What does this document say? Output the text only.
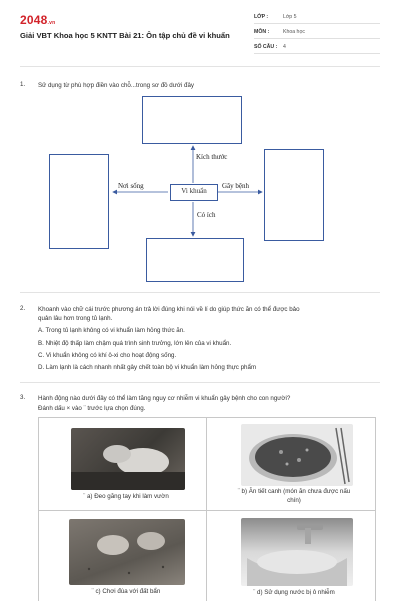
2048.vn
Giải VBT Khoa học 5 KNTT Bài 21: Ôn tập chủ đề vi khuẩn
LỚP :	Lớp 5
MÔN :	Khoa học
SỐ CÂU : 4
1. Sử dụng từ phù hợp điền vào chỗ...trong sơ đồ dưới đây
Vi khuẩn
Kích thước
Nơi sống	Gây bệnh
Có ích
2. Khoanh vào chữ cái trước phương án trả lời đúng khi nói về lí do giúp thức ăn có thể được bảo
quản lâu hơn trong tủ lạnh.
A. Trong tủ lạnh không có vi khuẩn làm hỏng thức ăn.
B. Nhiệt độ thấp làm chậm quá trình sinh trưởng, lớn lên của vi khuẩn.
C. Vi khuẩn không có khí ô-xi cho hoạt động sống.
D. Làm lạnh là cách nhanh nhất gây chết toàn bộ vi khuẩn làm hỏng thực phẩm
3. Hành động nào dưới đây có thể làm tăng nguy cơ nhiễm vi khuẩn gây bệnh cho con người?
Đánh dấu × vào ¨ trước lựa chọn đúng.
¨ a) Đeo găng tay khi làm vườn
¨ b) Ăn tiết canh (món ăn chưa được nấu
chín)
¨ c) Chơi đùa với đất bẩn	¨ d) Sử dụng nước bị ô nhiễm
